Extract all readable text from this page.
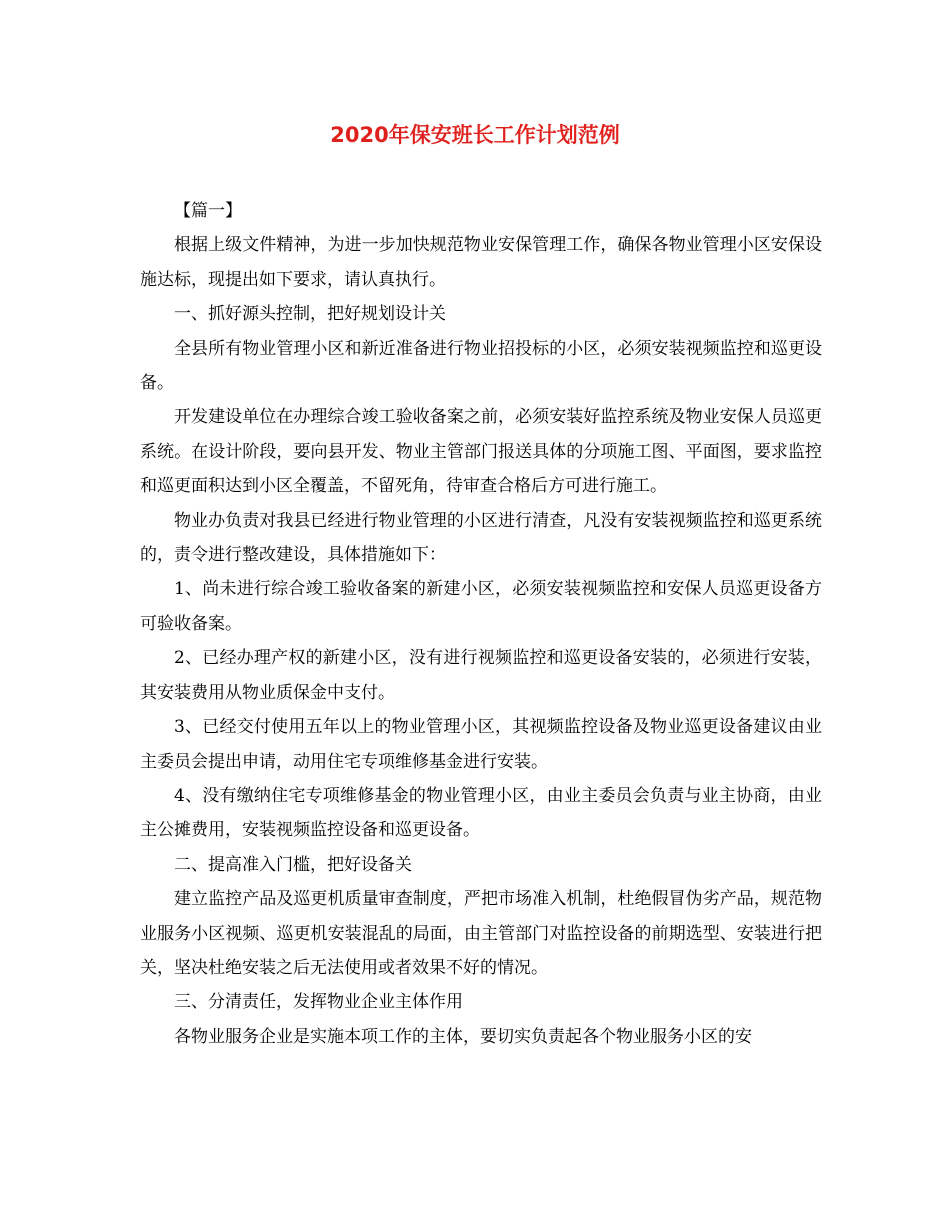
2020年保安班长工作计划范例

【篇一】

根据上级文件精神，为进一步加快规范物业安保管理工作，确保各物业管理小区安保设施达标，现提出如下要求，请认真执行。

一、抓好源头控制，把好规划设计关

全县所有物业管理小区和新近准备进行物业招投标的小区，必须安装视频监控和巡更设备。

开发建设单位在办理综合竣工验收备案之前，必须安装好监控系统及物业安保人员巡更系统。在设计阶段，要向县开发、物业主管部门报送具体的分项施工图、平面图，要求监控和巡更面积达到小区全覆盖，不留死角，待审查合格后方可进行施工。

物业办负责对我县已经进行物业管理的小区进行清查，凡没有安装视频监控和巡更系统的，责令进行整改建设，具体措施如下：

1、尚未进行综合竣工验收备案的新建小区，必须安装视频监控和安保人员巡更设备方可验收备案。

2、已经办理产权的新建小区，没有进行视频监控和巡更设备安装的，必须进行安装，其安装费用从物业质保金中支付。

3、已经交付使用五年以上的物业管理小区，其视频监控设备及物业巡更设备建议由业主委员会提出申请，动用住宅专项维修基金进行安装。

4、没有缴纳住宅专项维修基金的物业管理小区，由业主委员会负责与业主协商，由业主公摊费用，安装视频监控设备和巡更设备。

二、提高准入门槛，把好设备关

建立监控产品及巡更机质量审查制度，严把市场准入机制，杜绝假冒伪劣产品，规范物业服务小区视频、巡更机安装混乱的局面，由主管部门对监控设备的前期选型、安装进行把关，坚决杜绝安装之后无法使用或者效果不好的情况。

三、分清责任，发挥物业企业主体作用

各物业服务企业是实施本项工作的主体，要切实负责起各个物业服务小区的安
